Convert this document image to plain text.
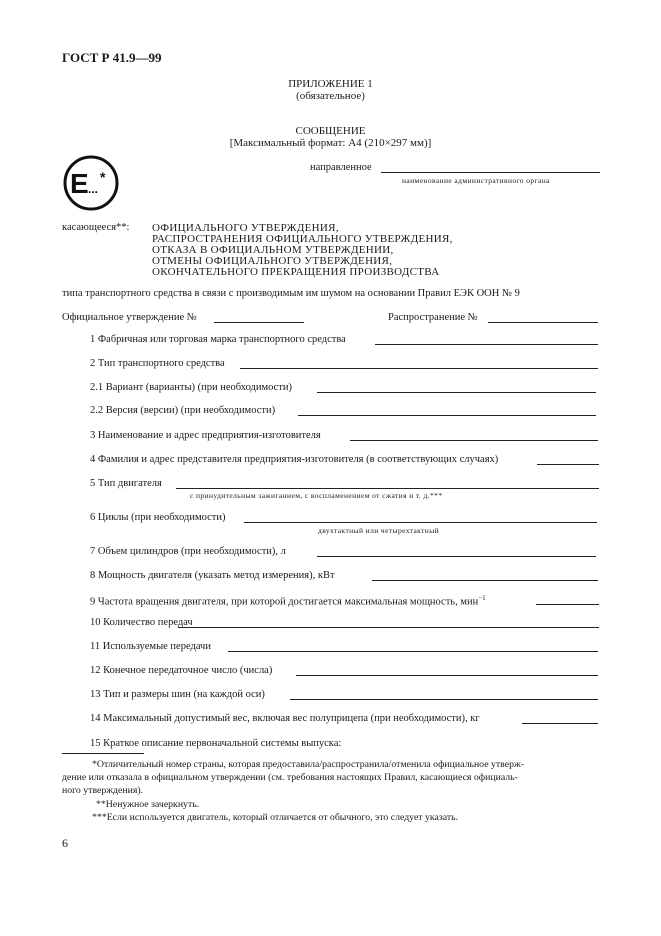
ГОСТ Р 41.9—99
ПРИЛОЖЕНИЕ 1
(обязательное)
СООБЩЕНИЕ
[Максимальный формат: А4 (210×297 мм)]
E ...
*
направленное
наименование административного органа
касающееся**: ОФИЦИАЛЬНОГО УТВЕРЖДЕНИЯ,
РАСПРОСТРАНЕНИЯ ОФИЦИАЛЬНОГО УТВЕРЖДЕНИЯ,
ОТКАЗА В ОФИЦИАЛЬНОМ УТВЕРЖДЕНИИ,
ОТМЕНЫ ОФИЦИАЛЬНОГО УТВЕРЖДЕНИЯ,
ОКОНЧАТЕЛЬНОГО ПРЕКРАЩЕНИЯ ПРОИЗВОДСТВА
типа транспортного средства в связи с производимым им шумом на основании Правил ЕЭК ООН № 9
Официальное утверждение №	Распространение №
1 Фабричная или торговая марка транспортного средства
2 Тип транспортного средства
2.1 Вариант (варианты) (при необходимости)
2.2 Версия (версии) (при необходимости)
3 Наименование и адрес предприятия-изготовителя
4 Фамилия и адрес представителя предприятия-изготовителя (в соответствующих случаях)
5 Тип двигателя
с принудительным зажиганием, с воспламенением от сжатия и т. д.***
6 Циклы (при необходимости)
двухтактный или четырехтактный
7 Объем цилиндров (при необходимости), л
8 Мощность двигателя (указать метод измерения), кВт
9 Частота вращения двигателя, при которой достигается максимальная мощность, мин$^{-1}$
10 Количество передач
11 Используемые передачи
12 Конечное передаточное число (числа)
13 Тип и размеры шин (на каждой оси)
14 Максимальный допустимый вес, включая вес полуприцепа (при необходимости), кг
15 Краткое описание первоначальной системы выпуска:
*Отличительный номер страны, которая предоставила/распространила/отменила официальное утверж-
дение или отказала в официальном утверждении (см. требования настоящих Правил, касающиеся официаль-
ного утверждения).
**Ненужное зачеркнуть.
***Если используется двигатель, который отличается от обычного, это следует указать.
6
